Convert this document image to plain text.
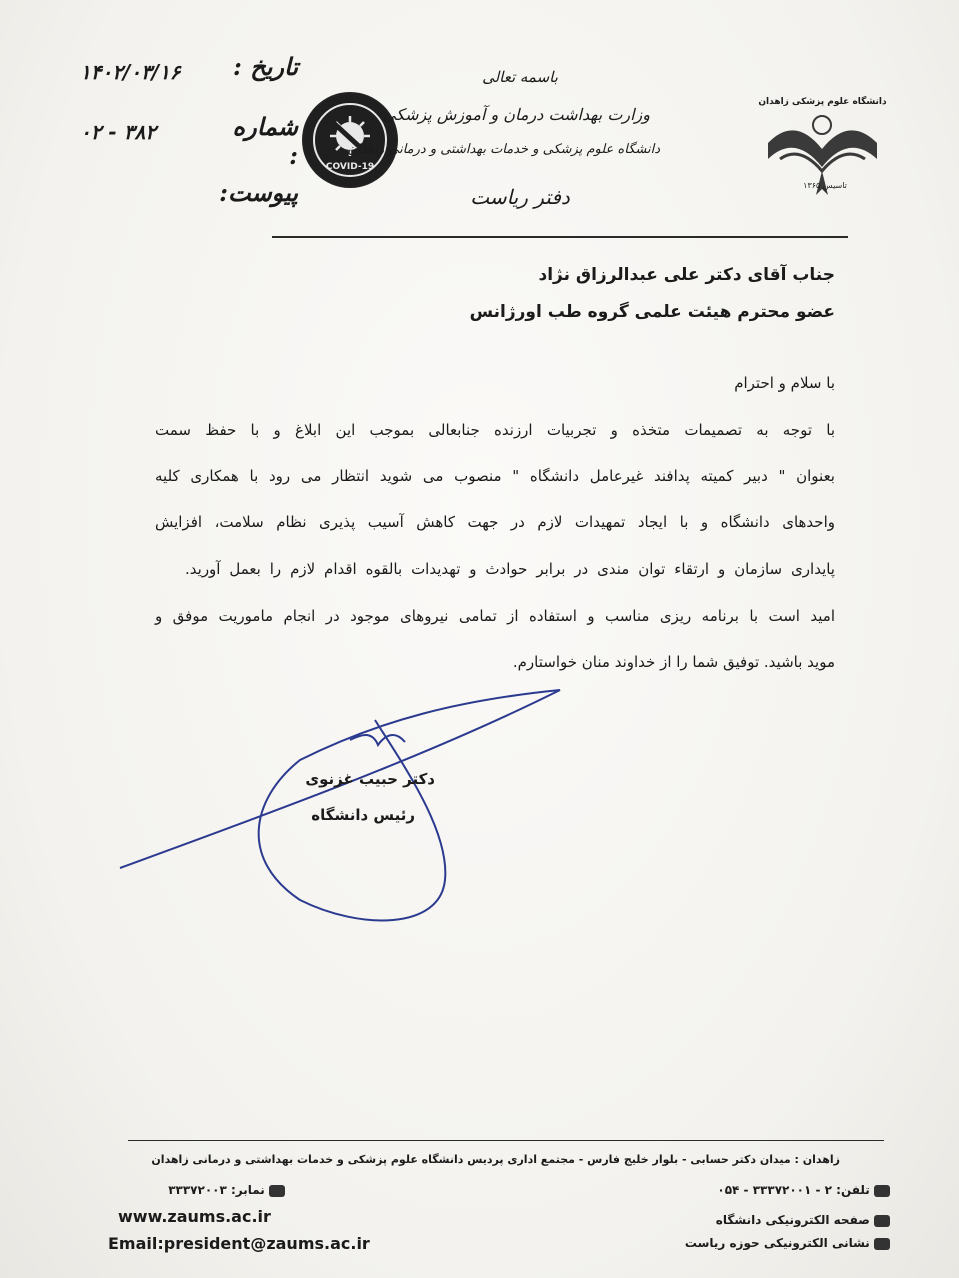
۱۴۰۲/۰۳/۱۶	تاریخ :
۰۲ - ۳۸۲	شماره :
پیوست:
COVID-19
باسمه تعالی
وزارت بهداشت درمان و آموزش پزشکی
دانشگاه علوم پزشکی و خدمات بهداشتی و درمانی زاهدان
دفتر ریاست
دانشگاه علوم پزشکی زاهدان
تاسیس ۱۳۶۵
جناب آقای دکتر علی عبدالرزاق نژاد
عضو محترم هیئت علمی گروه طب اورژانس
با سلام و احترام
با توجه به تصمیمات متخذه و تجربیات ارزنده جنابعالی بموجب این ابلاغ و با حفظ سمت
بعنوان " دبیر کمیته پدافند غیرعامل دانشگاه " منصوب می شوید انتظار می رود با همکاری کلیه
واحدهای دانشگاه و با ایجاد تمهیدات لازم در جهت کاهش آسیب پذیری نظام سلامت، افزایش
پایداری سازمان و ارتقاء توان مندی در برابر حوادث و تهدیدات بالقوه اقدام لازم را بعمل آورید.
امید است با برنامه ریزی مناسب و استفاده از تمامی نیروهای موجود در انجام ماموریت موفق و
موید باشید. توفیق شما را از خداوند منان خواستارم.
دکتر حبیب غزنوی
رئیس دانشگاه
زاهدان : میدان دکتر حسابی - بلوار خلیج فارس - مجتمع اداری پردیس دانشگاه علوم پزشکی و خدمات بهداشتی و درمانی زاهدان
تلفن: ۲ - ۳۳۳۷۲۰۰۱ - ۰۵۴
نمابر: ۳۳۳۷۲۰۰۳
صفحه الکترونیکی دانشگاه
نشانی الکترونیکی حوزه ریاست
www.zaums.ac.ir
Email:president@zaums.ac.ir
